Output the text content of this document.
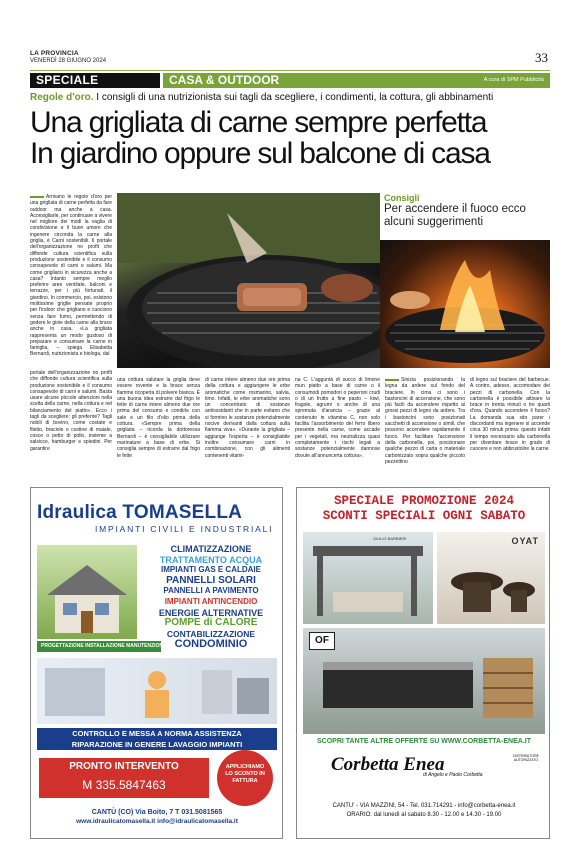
LA PROVINCIA
VENERDÌ 28 GIUGNO 2024	33
SPECIALE	CASA & OUTDOOR	A cura di SPM Pubblicità
Regole d'oro. I consigli di una nutrizionista sui tagli da scegliere, i condimenti, la cottura, gli abbinamenti
Una grigliata di carne sempre perfetta
In giardino oppure sul balcone di casa
Arrivano le regole d'oro per una grigliata di carne perfetta da fare outdoor ma anche a casa. Aconsigliarle, per continuare a vivere nel migliore dei modi la vaglia di condivisione e il buon umore che ingenere circonda la carne alla griglia, è Carni sostenibili. Il portale dell'organizzazione no profit che diffonde cultura scientifica sulla produzione sostenibile e il consumo consapevole di carni e salumi. Ma come grigliarsi in sicurezza anche a casa? Intanto sempre meglio preferire aree ventilate, balconi e terrazze, per i più fortunati, il giardino. In commercio, poi, esistono moltissime griglie pensate proprio per l'indoor che grigliano e cuociono senza fare fumo, permettendo di godere le gioie della carne alla brace anche in casa. «La grigliata rappresenta un modo gustoso di preparare e consumare la carne in famiglia, – spiega Elisabetta Bernardi, nutrizionista e biologa, dal
portale dell'organizzazione no profit che diffonde cultura scientifica sulla produzione sostenibile e il consumo consapevole di carni e salumi. Basta usare alcune piccole attenzioni nella scelta della carne, nella cottura e nel bilanciamento del piatto». Ecco i tagli da scegliere: gli preferire? Tagli nobili di bovino, come costate e filetto, braciole o costine di maiale, cosce o petto di pollo, insieme a salsicce, hamburger e spiedini. Per garantire
una cottura salutare la griglia deve essere rovente e la brace senza fiamme ricoperta di polvere bianca. È una buona idea estrarre dal frigo le fette di carne intere almeno due ore prima del consumo e condirle con sale e un filo d'olio prima della cottura. «Sempre prima della grigliata – ricorda la dottoressa Bernardi – è consigliabile utilizzare marinature a base di erbe. Si consiglia sempre di estrarre dal frigo le fette
di carne intere almeno due ore prima della cottura e aggiungere le erbe aromatiche come rosmarino, salvia, timo. Infatti, le erbe aromatiche sono un concentrato di sostanze antiossidanti che in parte evitano che si formino le sostanze potenzialmente nocive derivanti dalla cottura sulla fiamma viva». «Durante la grigliata – aggiunge l'esperta – è consigliabile inoltre consumare carni in combinazione, con gli alimenti contenenti vitami-
na C. L'agguntà di succo di limone mun piatto a base di carne o il consumodi pomodori o peperoni crudi o di un frutto a fine pasto – kiwi, fragole, agrumi o anche di una spremuta d'arancia – grazie al contenuto in vitamina C, non solo facilita l'assorbimento del ferro libero presente nella carne, come accade per i vegetali, ma neutralizza quasi completamente i rischi legati a sostanze potenzialmente dannose dovute all'annuncerta cottura».
Sinizia posizionando la legna da ardere sul fondo del braciere. In cima ci sono i bastoncini di accensione, che sono più facili da accendere rispetto ai grossi pezzi di legno da ardere. Tra i bastoncini sono posizionati sacchetti di accensione o simili, che possono accendere rapidamente il fuoco. Per facilitare l'accensione della carbonella, poi, posizionare qualche pezzo di carta o materiale carbonizzato sopra qualche piccolo pezzettino
di legno sul braciere del barbecue. A contro, adesso, accomodare dei pezzi di carbonella. Con la carbonella è possibile attivare la brace in trenta minuti o tre quarti d'ora. Quando accendere il fuoco? La domanda sua sito parer i discordanti ma ingenere si accende circa 30 minuti prima: questo infatti il tempo necessario alla carbonella per diventare brace in grado di cuocere e non abbrustolire la carne.
Consigli
Per accendere il fuoco ecco alcuni suggerimenti
Idraulica TOMASELLA
IMPIANTI CIVILI E INDUSTRIALI
CLIMATIZZAZIONE
TRATTAMENTO ACQUA
IMPIANTI GAS E CALDAIE
PANNELLI SOLARI
PANNELLI A PAVIMENTO
IMPIANTI ANTINCENDIO
ENERGIE ALTERNATIVE
POMPE di CALORE
CONTABILIZZAZIONE
CONDOMINIO
PROGETTAZIONE INSTALLAZIONE MANUTENZIONE
CONTROLLO E MESSA A NORMA ASSISTENZA
RIPARAZIONE IN GENERE LAVAGGIO IMPIANTI
PRONTO INTERVENTO
M 335.5847463
APPLICHIAMO LO SCONTO IN FATTURA
CANTÙ (CO) Via Boito, 7 T 031.5081565
www.idraulicatomasella.it info@idraulicatomasella.it
SPECIALE PROMOZIONE 2024
SCONTI SPECIALI OGNI SABATO
GIULIO BARBIERI	OYAT
OF
SCOPRI TANTE ALTRE OFFERTE SU WWW.CORBETTA-ENEA.IT
Corbetta Enea
di Angelo e Paolo Corbetta
DISTRIBUTORE AUTORIZZATO
CANTU' - VIA MAZZINI, 54 - Tel. 031.714291 - info@corbetta-enea.it
ORARIO: dal lunedì al sabato 8.30 - 12.00 e 14.30 - 19.00
